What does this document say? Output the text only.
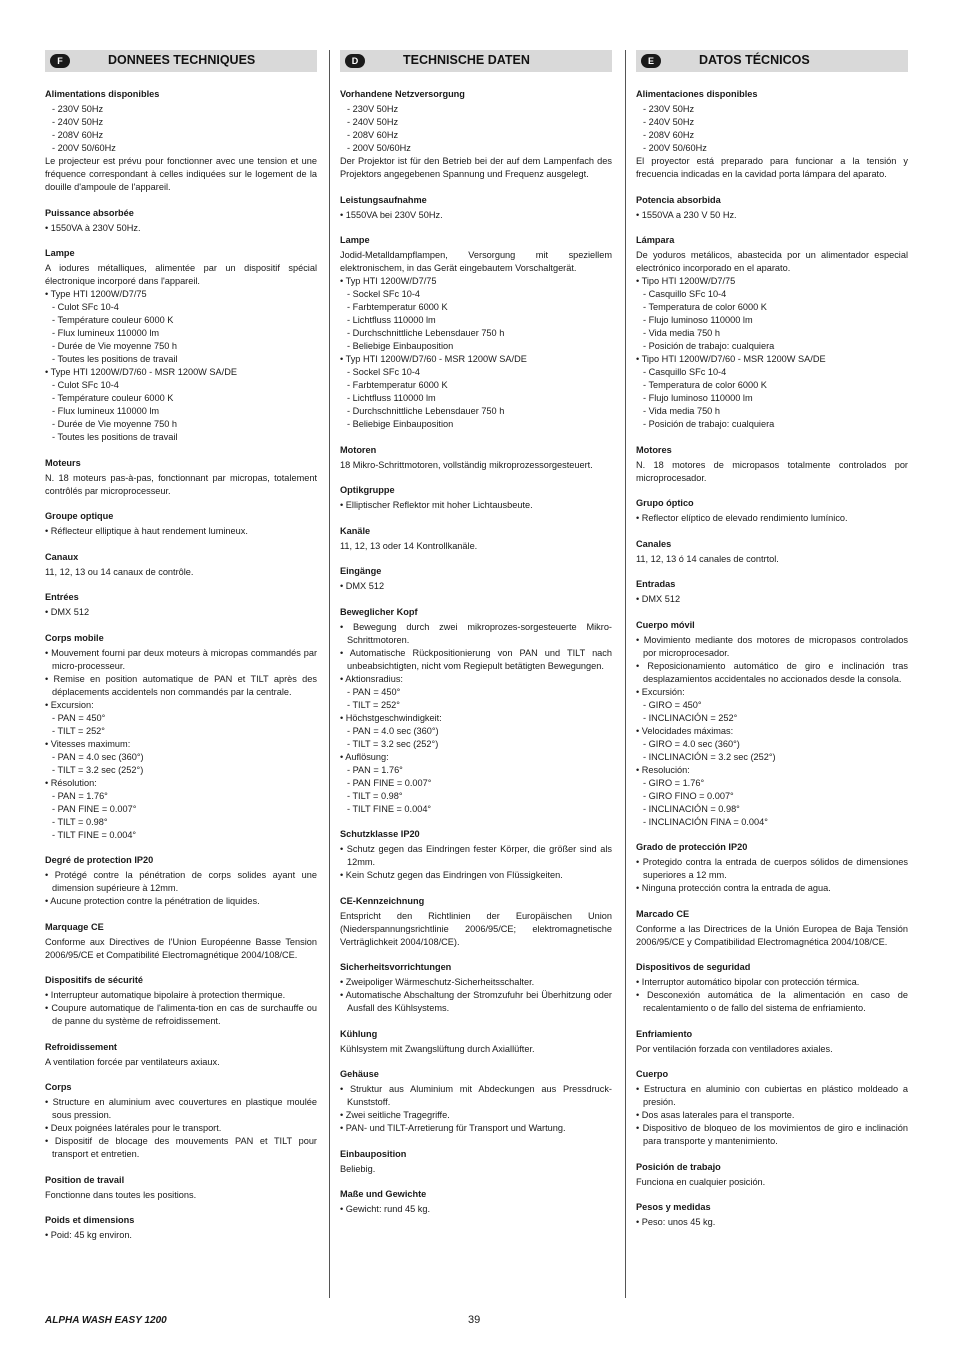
F	DONNEES TECHNIQUES
Alimentations disponibles
- 230V 50Hz
- 240V 50Hz
- 208V 60Hz
- 200V 50/60Hz
Le projecteur est prévu pour fonctionner avec une tension et une fréquence correspondant à celles indiquées sur le logement de la douille d'ampoule de l'appareil.
Puissance absorbée
• 1550VA à 230V 50Hz.
Lampe
A iodures métalliques, alimentée par un dispositif spécial électronique incorporé dans l'appareil.
• Type HTI 1200W/D7/75
- Culot SFc 10-4
- Température couleur 6000 K
- Flux lumineux 110000 lm
- Durée de Vie moyenne 750 h
- Toutes les positions de travail
• Type HTI 1200W/D7/60 - MSR 1200W SA/DE
- Culot SFc 10-4
- Température couleur 6000 K
- Flux lumineux 110000 lm
- Durée de Vie moyenne 750 h
- Toutes les positions de travail
Moteurs
N. 18 moteurs pas-à-pas, fonctionnant par micropas, totalement contrôlés par microprocesseur.
Groupe optique
• Réflecteur elliptique à haut rendement lumineux.
Canaux
11, 12, 13 ou 14 canaux de contrôle.
Entrées
• DMX 512
Corps mobile
• Mouvement fourni par deux moteurs à micropas commandés par micro-processeur.
• Remise en position automatique de PAN et TILT après des déplacements accidentels non commandés par la centrale.
• Excursion:
- PAN = 450°
- TILT = 252°
• Vitesses maximum:
- PAN = 4.0 sec (360°)
- TILT = 3.2 sec (252°)
• Résolution:
- PAN = 1.76°
- PAN FINE = 0.007°
- TILT = 0.98°
- TILT FINE = 0.004°
Degré de protection IP20
• Protégé contre la pénétration de corps solides ayant une dimension supérieure à 12mm.
• Aucune protection contre la pénétration de liquides.
Marquage CE
Conforme aux Directives de l'Union Européenne Basse Tension 2006/95/CE et Compatibilité Electromagnétique 2004/108/CE.
Dispositifs de sécurité
• Interrupteur automatique bipolaire à protection thermique.
• Coupure automatique de l'alimenta-tion en cas de surchauffe ou de panne du système de refroidissement.
Refroidissement
A ventilation forcée par ventilateurs axiaux.
Corps
• Structure en aluminium avec couvertures en plastique moulée sous pression.
• Deux poignées latérales pour le transport.
• Dispositif de blocage des mouvements PAN et TILT pour transport et entretien.
Position de travail
Fonctionne dans toutes les positions.
Poids et dimensions
• Poid: 45 kg environ.
D	TECHNISCHE DATEN
Vorhandene Netzversorgung
- 230V 50Hz
- 240V 50Hz
- 208V 60Hz
- 200V 50/60Hz
Der Projektor ist für den Betrieb bei der auf dem Lampenfach des Projektors angegebenen Spannung und Frequenz ausgelegt.
Leistungsaufnahme
• 1550VA bei 230V 50Hz.
Lampe
Jodid-Metalldampflampen, Versorgung mit speziellem elektronischem, in das Gerät eingebautem Vorschaltgerät.
• Typ HTI 1200W/D7/75
- Sockel SFc 10-4
- Farbtemperatur 6000 K
- Lichtfluss 110000 lm
- Durchschnittliche Lebensdauer 750 h
- Beliebige Einbauposition
• Typ HTI 1200W/D7/60 - MSR 1200W SA/DE
- Sockel SFc 10-4
- Farbtemperatur 6000 K
- Lichtfluss 110000 lm
- Durchschnittliche Lebensdauer 750 h
- Beliebige Einbauposition
Motoren
18 Mikro-Schrittmotoren, vollständig mikroprozessorgesteuert.
Optikgruppe
• Elliptischer Reflektor mit hoher Lichtausbeute.
Kanäle
11, 12, 13 oder 14 Kontrollkanäle.
Eingänge
• DMX 512
Beweglicher Kopf
• Bewegung durch zwei mikroprozes-sorgesteuerte Mikro-Schrittmotoren.
• Automatische Rückpositionierung von PAN und TILT nach unbeabsichtigten, nicht vom Regiepult betätigten Bewegungen.
• Aktionsradius:
- PAN = 450°
- TILT = 252°
• Höchstgeschwindigkeit:
- PAN = 4.0 sec (360°)
- TILT = 3.2 sec (252°)
• Auflösung:
- PAN = 1.76°
- PAN FINE = 0.007°
- TILT = 0.98°
- TILT FINE = 0.004°
Schutzklasse IP20
• Schutz gegen das Eindringen fester Körper, die größer sind als 12mm.
• Kein Schutz gegen das Eindringen von Flüssigkeiten.
CE-Kennzeichnung
Entspricht den Richtlinien der Europäischen Union (Niederspannungsrichtlinie 2006/95/CE; elektromagnetische Verträglichkeit 2004/108/CE).
Sicherheitsvorrichtungen
• Zweipoliger Wärmeschutz-Sicherheitsschalter.
• Automatische Abschaltung der Stromzufuhr bei Überhitzung oder Ausfall des Kühlsystems.
Kühlung
Kühlsystem mit Zwangslüftung durch Axiallüfter.
Gehäuse
• Struktur aus Aluminium mit Abdeckungen aus Pressdruck-Kunststoff.
• Zwei seitliche Tragegriffe.
• PAN- und TILT-Arretierung für Transport und Wartung.
Einbauposition
Beliebig.
Maße und Gewichte
• Gewicht: rund 45 kg.
E	DATOS TÉCNICOS
Alimentaciones disponibles
- 230V 50Hz
- 240V 50Hz
- 208V 60Hz
- 200V 50/60Hz
El proyector está preparado para funcionar a la tensión y frecuencia indicadas en la cavidad porta lámpara del aparato.
Potencia absorbida
• 1550VA a 230 V 50 Hz.
Lámpara
De yoduros metálicos, abastecida por un alimentador especial electrónico incorporado en el aparato.
• Tipo HTI 1200W/D7/75
- Casquillo SFc 10-4
- Temperatura de color 6000 K
- Flujo luminoso 110000 lm
- Vida media 750 h
- Posición de trabajo: cualquiera
• Tipo HTI 1200W/D7/60 - MSR 1200W SA/DE
- Casquillo SFc 10-4
- Temperatura de color 6000 K
- Flujo luminoso 110000 lm
- Vida media 750 h
- Posición de trabajo: cualquiera
Motores
N. 18 motores de micropasos totalmente controlados por microprocesador.
Grupo óptico
• Reflector elíptico de elevado rendimiento lumínico.
Canales
11, 12, 13 ó 14 canales de contrtol.
Entradas
• DMX 512
Cuerpo móvil
• Movimiento mediante dos motores de micropasos controlados por microprocesador.
• Reposicionamiento automático de giro e inclinación tras desplazamientos accidentales no accionados desde la consola.
• Excursión:
- GIRO = 450°
- INCLINACIÓN = 252°
• Velocidades máximas:
- GIRO = 4.0 sec (360°)
- INCLINACIÓN = 3.2 sec (252°)
• Resolución:
- GIRO = 1.76°
- GIRO FINO = 0.007°
- INCLINACIÓN = 0.98°
- INCLINACIÓN FINA = 0.004°
Grado de protección IP20
• Protegido contra la entrada de cuerpos sólidos de dimensiones superiores a 12 mm.
• Ninguna protección contra la entrada de agua.
Marcado CE
Conforme a las Directrices de la Unión Europea de Baja Tensión 2006/95/CE y Compatibilidad Electromagnética 2004/108/CE.
Dispositivos de seguridad
• Interruptor automático bipolar con protección térmica.
• Desconexión automática de la alimentación en caso de recalentamiento o de fallo del sistema de enfriamiento.
Enfriamiento
Por ventilación forzada con ventiladores axiales.
Cuerpo
• Estructura en aluminio con cubiertas en plástico moldeado a presión.
• Dos asas laterales para el transporte.
• Dispositivo de bloqueo de los movimientos de giro e inclinación para transporte y mantenimiento.
Posición de trabajo
Funciona en cualquier posición.
Pesos y medidas
• Peso: unos 45 kg.
ALPHA WASH EASY 1200	39
